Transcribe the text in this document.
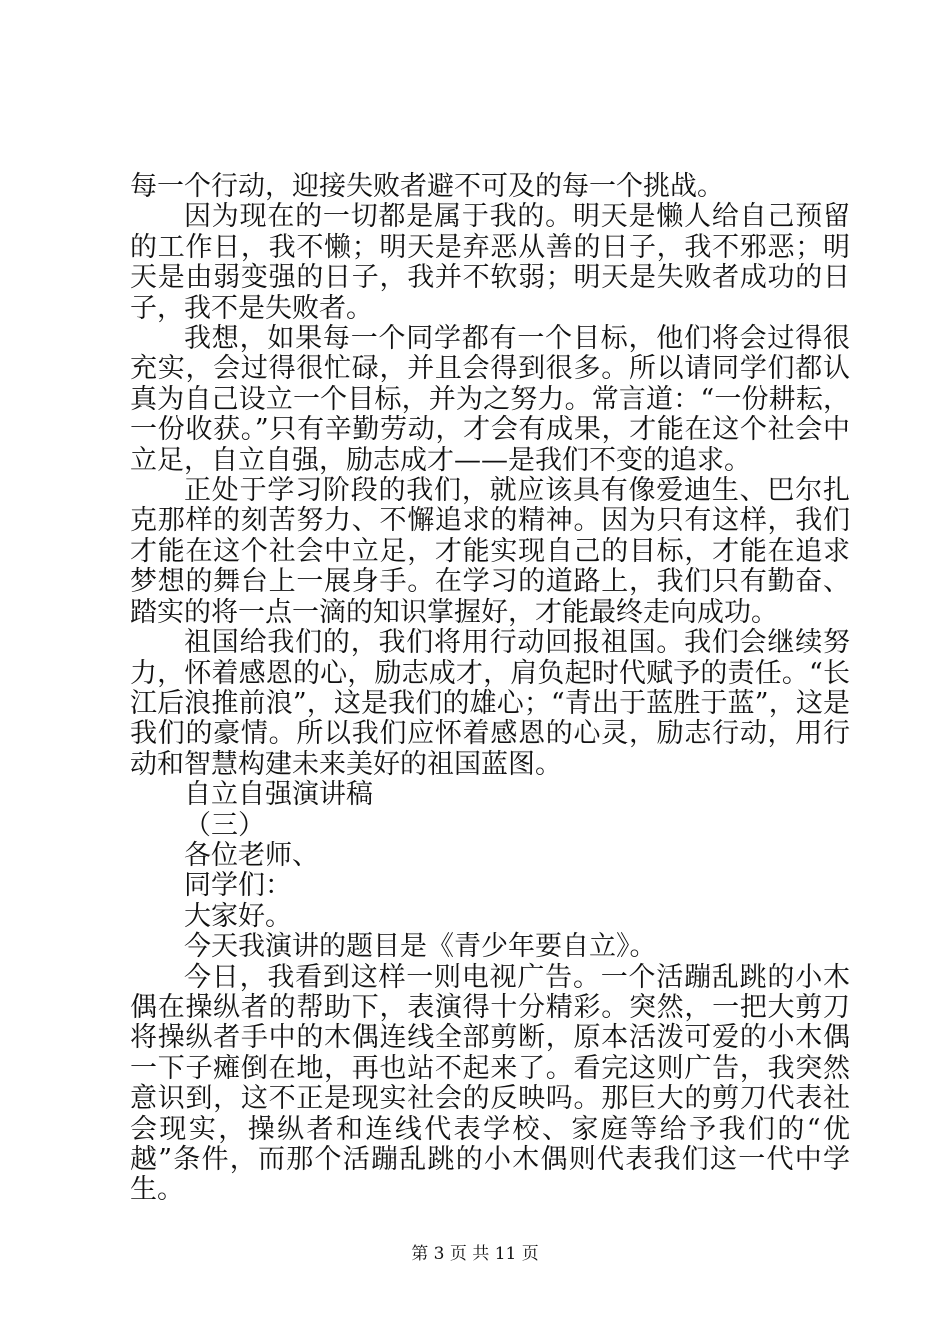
每一个行动，迎接失败者避不可及的每一个挑战。

因为现在的一切都是属于我的。明天是懒人给自己预留的工作日，我不懒；明天是弃恶从善的日子，我不邪恶；明天是由弱变强的日子，我并不软弱；明天是失败者成功的日子，我不是失败者。

我想，如果每一个同学都有一个目标，他们将会过得很充实，会过得很忙碌，并且会得到很多。所以请同学们都认真为自己设立一个目标，并为之努力。常言道：“一份耕耘，一份收获。”只有辛勤劳动，才会有成果，才能在这个社会中立足，自立自强，励志成才——是我们不变的追求。

正处于学习阶段的我们，就应该具有像爱迪生、巴尔扎克那样的刻苦努力、不懈追求的精神。因为只有这样，我们才能在这个社会中立足，才能实现自己的目标，才能在追求梦想的舞台上一展身手。在学习的道路上，我们只有勤奋、踏实的将一点一滴的知识掌握好，才能最终走向成功。

祖国给我们的，我们将用行动回报祖国。我们会继续努力，怀着感恩的心，励志成才，肩负起时代赋予的责任。“长江后浪推前浪”，这是我们的雄心；“青出于蓝胜于蓝”，这是我们的豪情。所以我们应怀着感恩的心灵，励志行动，用行动和智慧构建未来美好的祖国蓝图。

自立自强演讲稿

（三）

各位老师、

同学们：

大家好。

今天我演讲的题目是《青少年要自立》。

今日，我看到这样一则电视广告。一个活蹦乱跳的小木偶在操纵者的帮助下，表演得十分精彩。突然，一把大剪刀将操纵者手中的木偶连线全部剪断，原本活泼可爱的小木偶一下子瘫倒在地，再也站不起来了。看完这则广告，我突然意识到，这不正是现实社会的反映吗。那巨大的剪刀代表社会现实，操纵者和连线代表学校、家庭等给予我们的“优越”条件，而那个活蹦乱跳的小木偶则代表我们这一代中学生。

第 3 页 共 11 页
